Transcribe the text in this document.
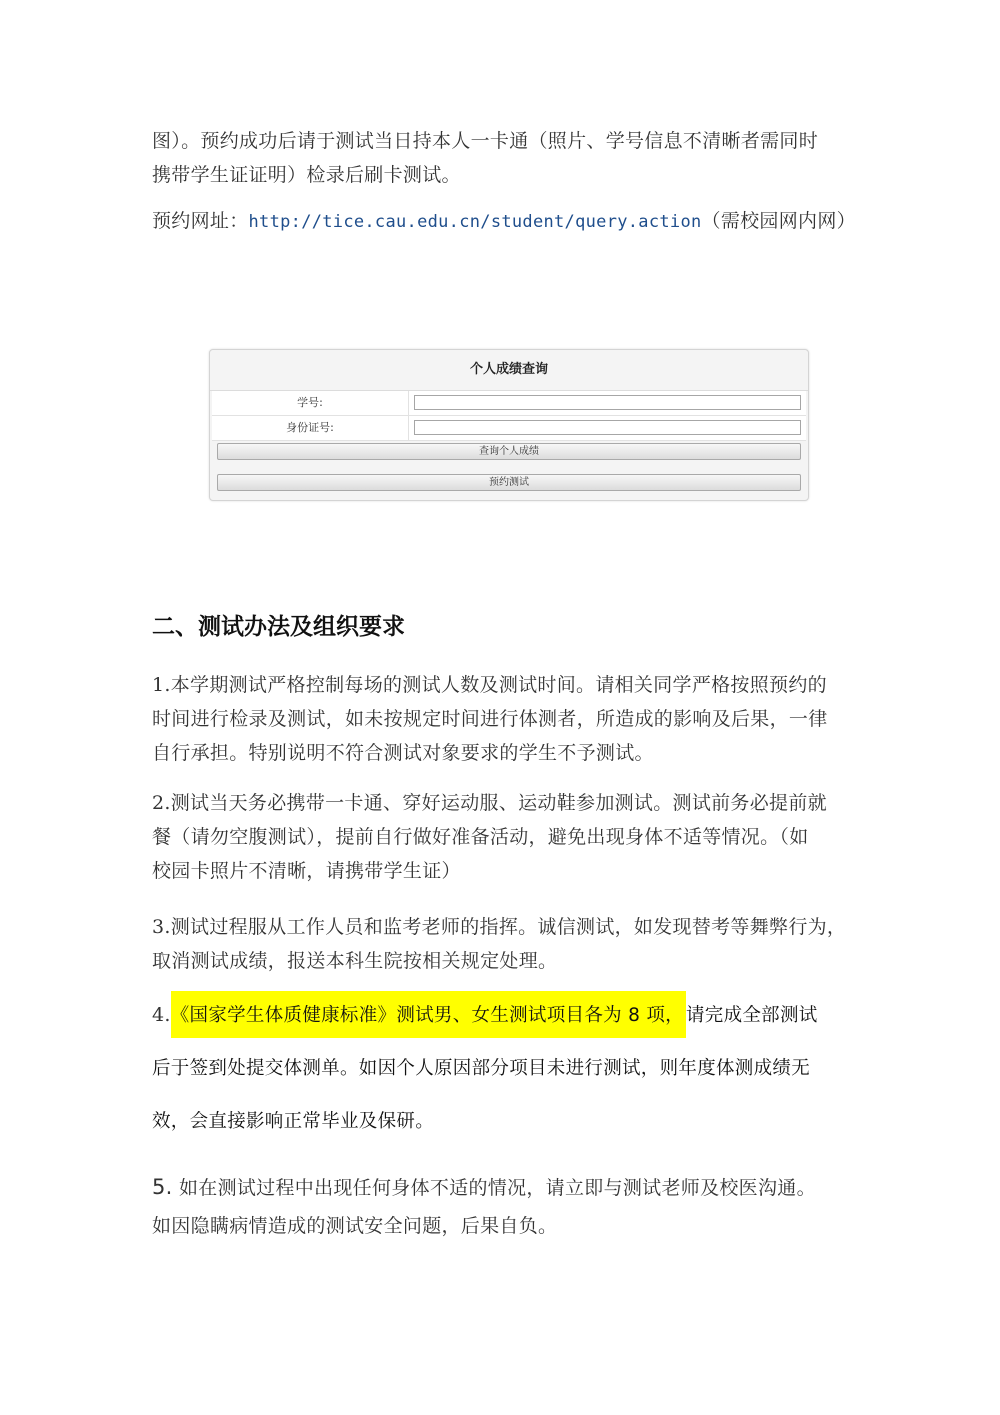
图）。预约成功后请于测试当日持本人一卡通（照片、学号信息不清晰者需同时
携带学生证证明）检录后刷卡测试。
预约网址：http://tice.cau.edu.cn/student/query.action（需校园网内网）
个人成绩查询
学号:
身份证号:
查询个人成绩
预约测试
二、测试办法及组织要求
1.本学期测试严格控制每场的测试人数及测试时间。请相关同学严格按照预约的
时间进行检录及测试，如未按规定时间进行体测者，所造成的影响及后果，一律
自行承担。特别说明不符合测试对象要求的学生不予测试。
2.测试当天务必携带一卡通、穿好运动服、运动鞋参加测试。测试前务必提前就
餐（请勿空腹测试），提前自行做好准备活动，避免出现身体不适等情况。（如
校园卡照片不清晰，请携带学生证）
3.测试过程服从工作人员和监考老师的指挥。诚信测试，如发现替考等舞弊行为，
取消测试成绩，报送本科生院按相关规定处理。
4.《国家学生体质健康标准》测试男、女生测试项目各为 8 项， 请完成全部测试
后于签到处提交体测单。如因个人原因部分项目未进行测试，则年度体测成绩无
效，会直接影响正常毕业及保研。
5. 如在测试过程中出现任何身体不适的情况，请立即与测试老师及校医沟通。
如因隐瞒病情造成的测试安全问题，后果自负。
